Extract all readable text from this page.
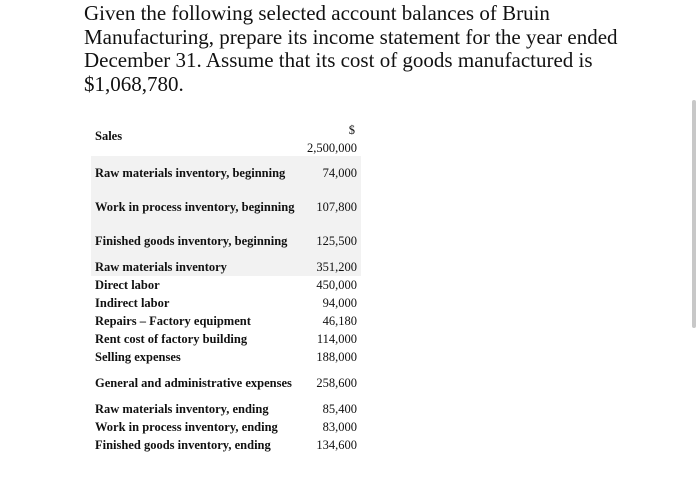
Given the following selected account balances of Bruin Manufacturing, prepare its income statement for the year ended December 31. Assume that its cost of goods manufactured is $1,068,780.

Sales	$
2,500,000
Raw materials inventory, beginning	74,000
Work in process inventory, beginning	107,800
Finished goods inventory, beginning	125,500
Raw materials inventory	351,200
Direct labor	450,000
Indirect labor	94,000
Repairs – Factory equipment	46,180
Rent cost of factory building	114,000
Selling expenses	188,000
General and administrative expenses	258,600
Raw materials inventory, ending	85,400
Work in process inventory, ending	83,000
Finished goods inventory, ending	134,600
